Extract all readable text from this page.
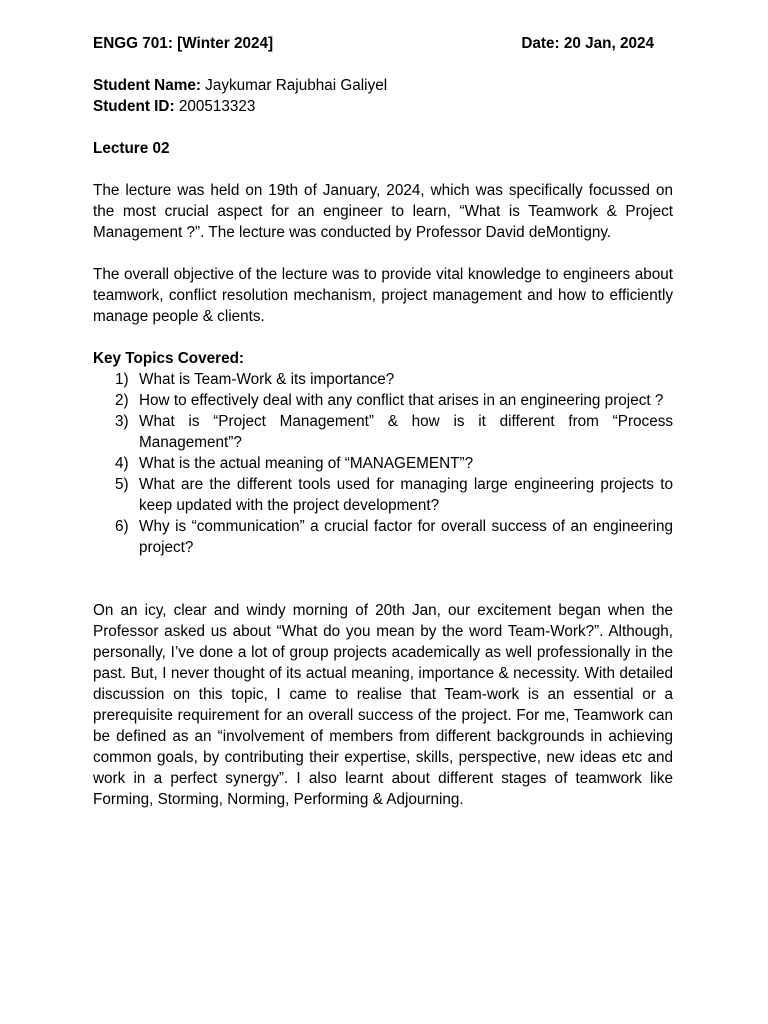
ENGG 701: [Winter 2024]	Date: 20 Jan, 2024
Student Name: Jaykumar Rajubhai Galiyel
Student ID: 200513323
Lecture 02

The lecture was held on 19th of January, 2024, which was specifically focussed on the most crucial aspect for an engineer to learn, “What is Teamwork & Project Management ?”. The lecture was conducted by Professor David deMontigny.

The overall objective of the lecture was to provide vital knowledge to engineers about teamwork, conflict resolution mechanism, project management and how to efficiently manage people & clients.

Key Topics Covered:
1) What is Team-Work & its importance?
2) How to effectively deal with any conflict that arises in an engineering project ?
3) What is “Project Management” & how is it different from “Process Management”?
4) What is the actual meaning of “MANAGEMENT”?
5) What are the different tools used for managing large engineering projects to keep updated with the project development?
6) Why is “communication” a crucial factor for overall success of an engineering project?

On an icy, clear and windy morning of 20th Jan, our excitement began when the Professor asked us about “What do you mean by the word Team-Work?”. Although, personally, I’ve done a lot of group projects academically as well professionally in the past. But, I never thought of its actual meaning, importance & necessity. With detailed discussion on this topic, I came to realise that Team-work is an essential or a prerequisite requirement for an overall success of the project. For me, Teamwork can be defined as an “involvement of members from different backgrounds in achieving common goals, by contributing their expertise, skills, perspective, new ideas etc and work in a perfect synergy”. I also learnt about different stages of teamwork like Forming, Storming, Norming, Performing & Adjourning.
